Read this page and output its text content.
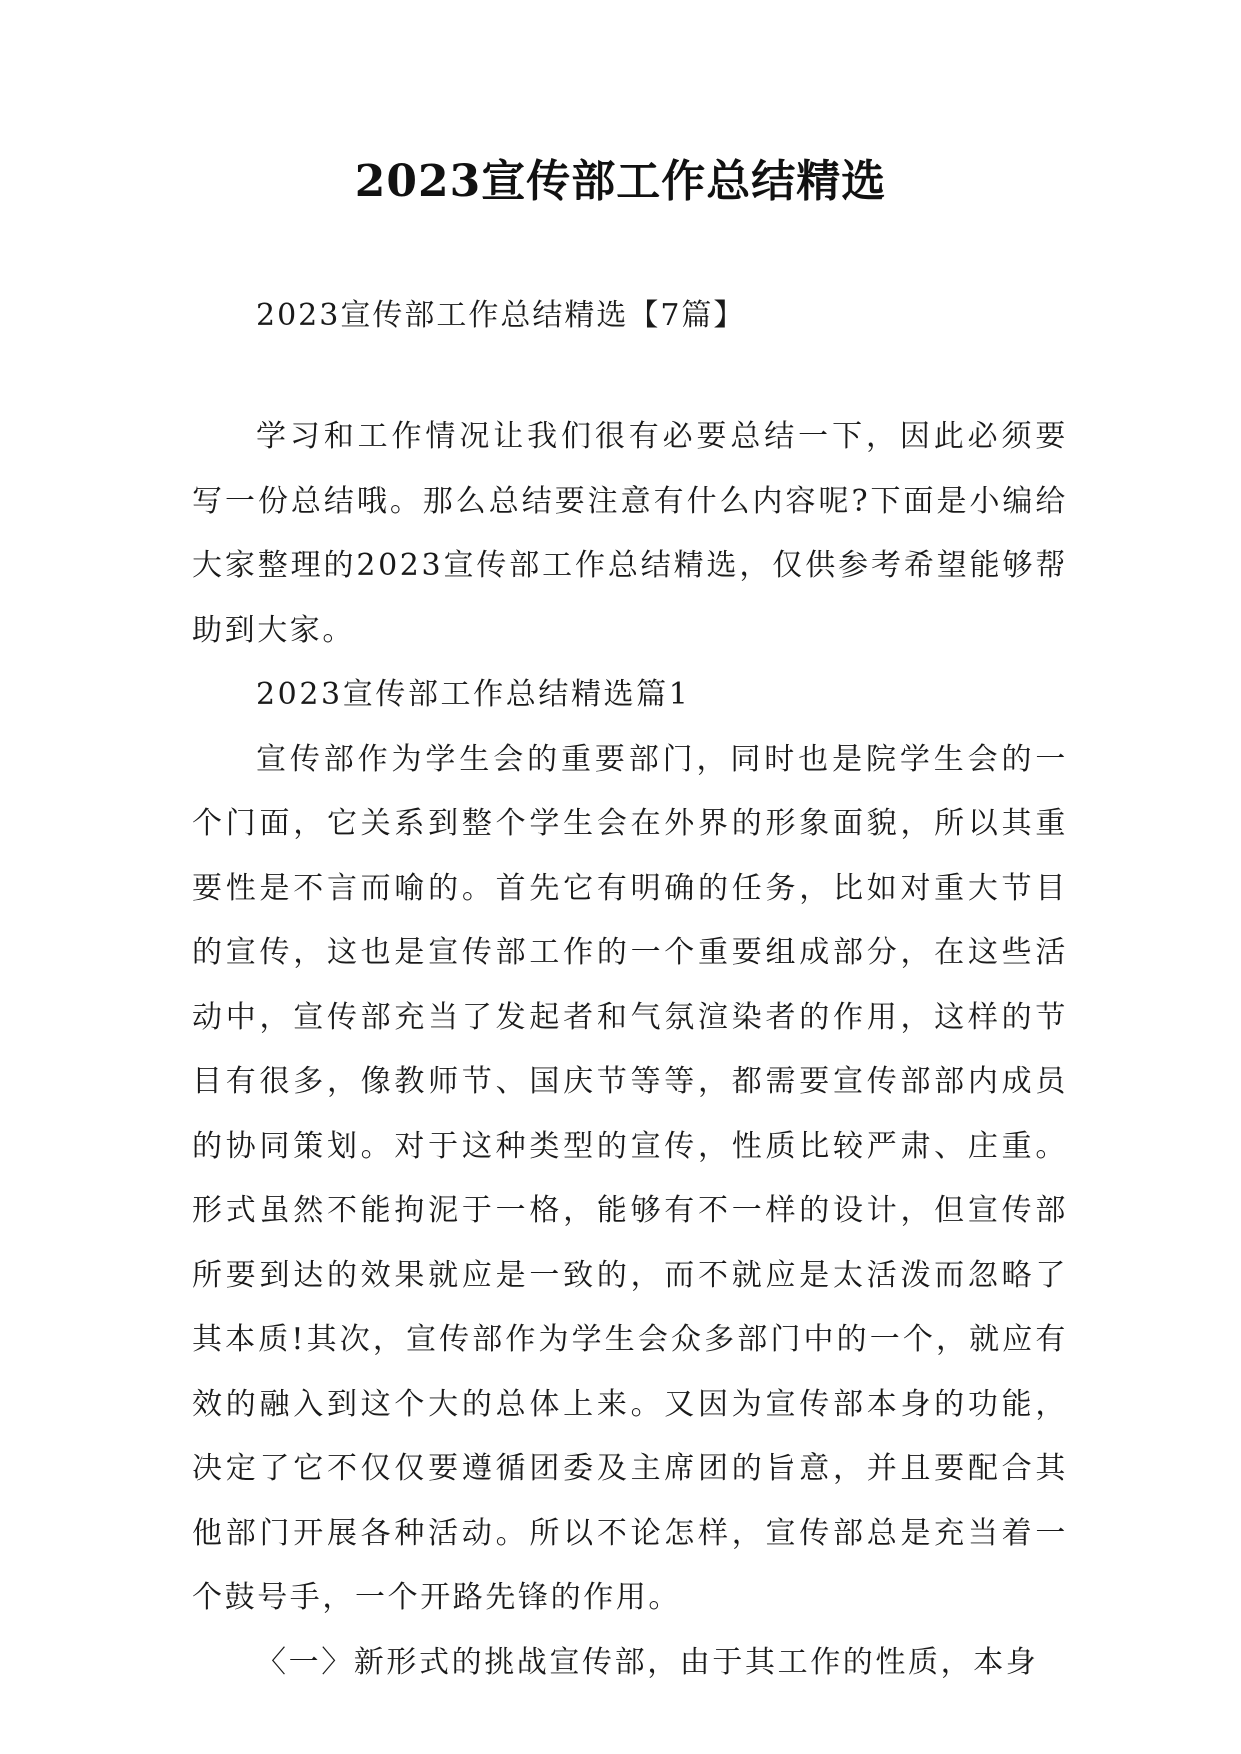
2023宣传部工作总结精选
2023宣传部工作总结精选【7篇】

学习和工作情况让我们很有必要总结一下，因此必须要写一份总结哦。那么总结要注意有什么内容呢?下面是小编给大家整理的2023宣传部工作总结精选，仅供参考希望能够帮助到大家。

2023宣传部工作总结精选篇1

宣传部作为学生会的重要部门，同时也是院学生会的一个门面，它关系到整个学生会在外界的形象面貌，所以其重要性是不言而喻的。首先它有明确的任务，比如对重大节目的宣传，这也是宣传部工作的一个重要组成部分，在这些活动中，宣传部充当了发起者和气氛渲染者的作用，这样的节目有很多，像教师节、国庆节等等，都需要宣传部部内成员的协同策划。对于这种类型的宣传，性质比较严肃、庄重。形式虽然不能拘泥于一格，能够有不一样的设计，但宣传部所要到达的效果就应是一致的，而不就应是太活泼而忽略了其本质!其次，宣传部作为学生会众多部门中的一个，就应有效的融入到这个大的总体上来。又因为宣传部本身的功能，决定了它不仅仅要遵循团委及主席团的旨意，并且要配合其他部门开展各种活动。所以不论怎样，宣传部总是充当着一个鼓号手，一个开路先锋的作用。

〈一〉新形式的挑战宣传部，由于其工作的性质，本身
